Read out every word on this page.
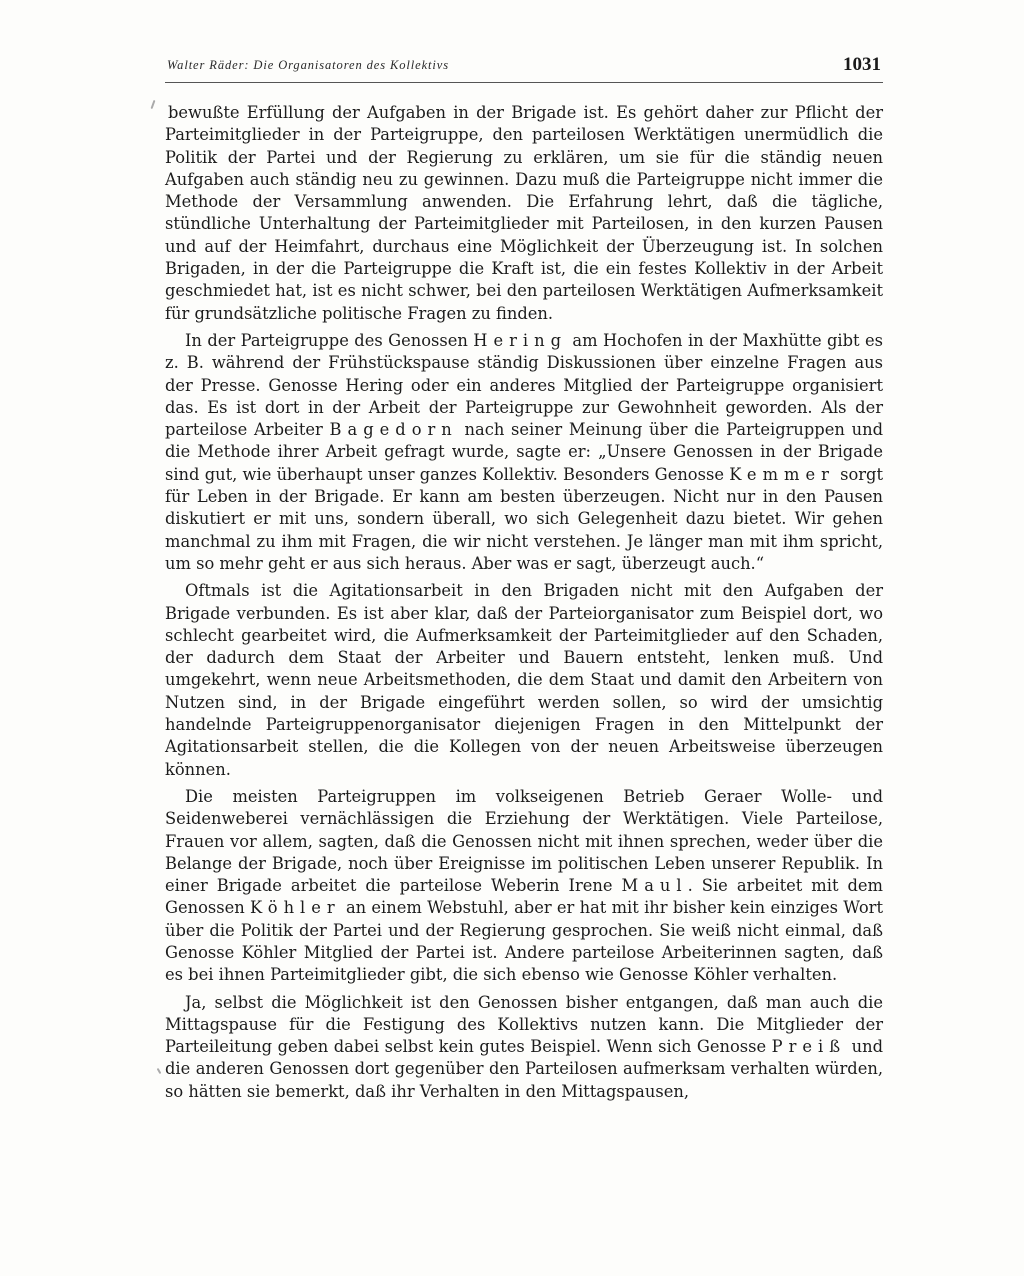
Walter Räder: Die Organisatoren des Kollektivs	1031

bewußte Erfüllung der Aufgaben in der Brigade ist. Es gehört daher zur Pflicht der Parteimitglieder in der Parteigruppe, den parteilosen Werktätigen unermüdlich die Politik der Partei und der Regierung zu erklären, um sie für die ständig neuen Aufgaben auch ständig neu zu gewinnen. Dazu muß die Parteigruppe nicht immer die Methode der Versammlung anwenden. Die Erfahrung lehrt, daß die tägliche, stündliche Unterhaltung der Parteimitglieder mit Parteilosen, in den kurzen Pausen und auf der Heimfahrt, durchaus eine Möglichkeit der Überzeugung ist. In solchen Brigaden, in der die Parteigruppe die Kraft ist, die ein festes Kollektiv in der Arbeit geschmiedet hat, ist es nicht schwer, bei den parteilosen Werktätigen Aufmerksamkeit für grundsätzliche politische Fragen zu finden.

In der Parteigruppe des Genossen Hering am Hochofen in der Maxhütte gibt es z. B. während der Frühstückspause ständig Diskussionen über einzelne Fragen aus der Presse. Genosse Hering oder ein anderes Mitglied der Parteigruppe organisiert das. Es ist dort in der Arbeit der Parteigruppe zur Gewohnheit geworden. Als der parteilose Arbeiter Bagedorn nach seiner Meinung über die Parteigruppen und die Methode ihrer Arbeit gefragt wurde, sagte er: „Unsere Genossen in der Brigade sind gut, wie überhaupt unser ganzes Kollektiv. Besonders Genosse Kemmer sorgt für Leben in der Brigade. Er kann am besten überzeugen. Nicht nur in den Pausen diskutiert er mit uns, sondern überall, wo sich Gelegenheit dazu bietet. Wir gehen manchmal zu ihm mit Fragen, die wir nicht verstehen. Je länger man mit ihm spricht, um so mehr geht er aus sich heraus. Aber was er sagt, überzeugt auch.“

Oftmals ist die Agitationsarbeit in den Brigaden nicht mit den Aufgaben der Brigade verbunden. Es ist aber klar, daß der Parteiorganisator zum Beispiel dort, wo schlecht gearbeitet wird, die Aufmerksamkeit der Parteimitglieder auf den Schaden, der dadurch dem Staat der Arbeiter und Bauern entsteht, lenken muß. Und umgekehrt, wenn neue Arbeitsmethoden, die dem Staat und damit den Arbeitern von Nutzen sind, in der Brigade eingeführt werden sollen, so wird der umsichtig handelnde Parteigruppenorganisator diejenigen Fragen in den Mittelpunkt der Agitationsarbeit stellen, die die Kollegen von der neuen Arbeitsweise überzeugen können.

Die meisten Parteigruppen im volkseigenen Betrieb Geraer Wolle- und Seidenweberei vernächlässigen die Erziehung der Werktätigen. Viele Parteilose, Frauen vor allem, sagten, daß die Genossen nicht mit ihnen sprechen, weder über die Belange der Brigade, noch über Ereignisse im politischen Leben unserer Republik. In einer Brigade arbeitet die parteilose Weberin Irene Maul. Sie arbeitet mit dem Genossen Köhler an einem Webstuhl, aber er hat mit ihr bisher kein einziges Wort über die Politik der Partei und der Regierung gesprochen. Sie weiß nicht einmal, daß Genosse Köhler Mitglied der Partei ist. Andere parteilose Arbeiterinnen sagten, daß es bei ihnen Parteimitglieder gibt, die sich ebenso wie Genosse Köhler verhalten.

Ja, selbst die Möglichkeit ist den Genossen bisher entgangen, daß man auch die Mittagspause für die Festigung des Kollektivs nutzen kann. Die Mitglieder der Parteileitung geben dabei selbst kein gutes Beispiel. Wenn sich Genosse Preiß und die anderen Genossen dort gegenüber den Parteilosen aufmerksam verhalten würden, so hätten sie bemerkt, daß ihr Verhalten in den Mittagspausen,
